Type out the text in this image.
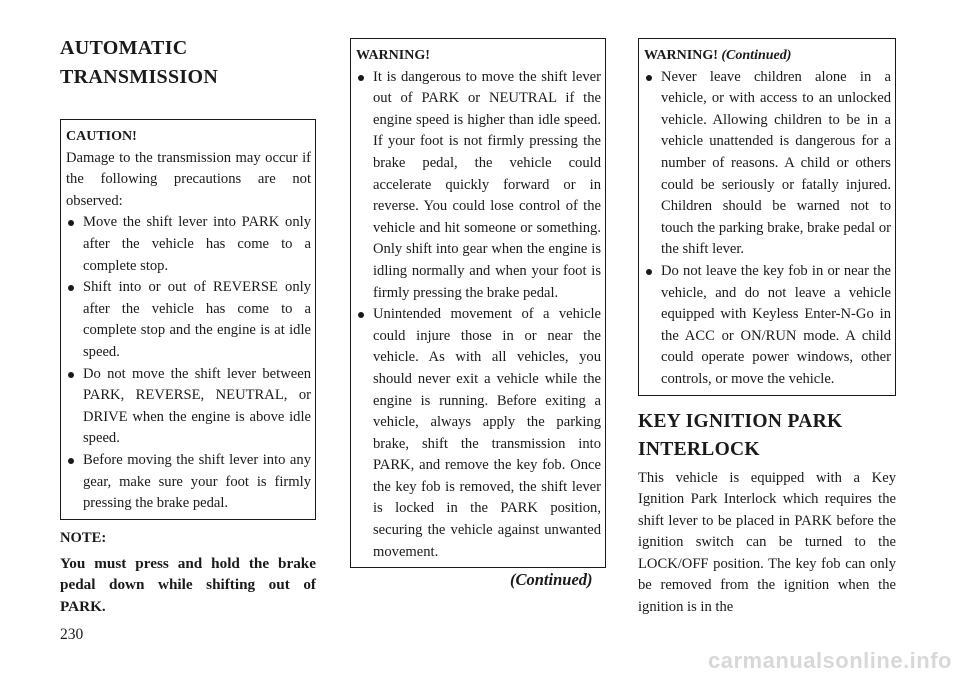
AUTOMATIC TRANSMISSION
CAUTION!
Damage to the transmission may occur if the following precautions are not observed:
Move the shift lever into PARK only after the vehicle has come to a complete stop.
Shift into or out of REVERSE only after the vehicle has come to a complete stop and the engine is at idle speed.
Do not move the shift lever between PARK, REVERSE, NEUTRAL, or DRIVE when the engine is above idle speed.
Before moving the shift lever into any gear, make sure your foot is firmly pressing the brake pedal.
NOTE:
You must press and hold the brake pedal down while shifting out of PARK.
WARNING!
It is dangerous to move the shift lever out of PARK or NEUTRAL if the engine speed is higher than idle speed. If your foot is not firmly pressing the brake pedal, the vehicle could accelerate quickly forward or in reverse. You could lose control of the vehicle and hit someone or something. Only shift into gear when the engine is idling normally and when your foot is firmly pressing the brake pedal.
Unintended movement of a vehicle could injure those in or near the vehicle. As with all vehicles, you should never exit a vehicle while the engine is running. Before exiting a vehicle, always apply the parking brake, shift the transmission into PARK, and remove the key fob. Once the key fob is removed, the shift lever is locked in the PARK position, securing the vehicle against unwanted movement.
(Continued)
WARNING! (Continued)
Never leave children alone in a vehicle, or with access to an unlocked vehicle. Allowing children to be in a vehicle unattended is dangerous for a number of reasons. A child or others could be seriously or fatally injured. Children should be warned not to touch the parking brake, brake pedal or the shift lever.
Do not leave the key fob in or near the vehicle, and do not leave a vehicle equipped with Keyless Enter-N-Go in the ACC or ON/RUN mode. A child could operate power windows, other controls, or move the vehicle.
KEY IGNITION PARK INTERLOCK
This vehicle is equipped with a Key Ignition Park Interlock which requires the shift lever to be placed in PARK before the ignition switch can be turned to the LOCK/OFF position. The key fob can only be removed from the ignition when the ignition is in the
230
carmanualsonline.info
